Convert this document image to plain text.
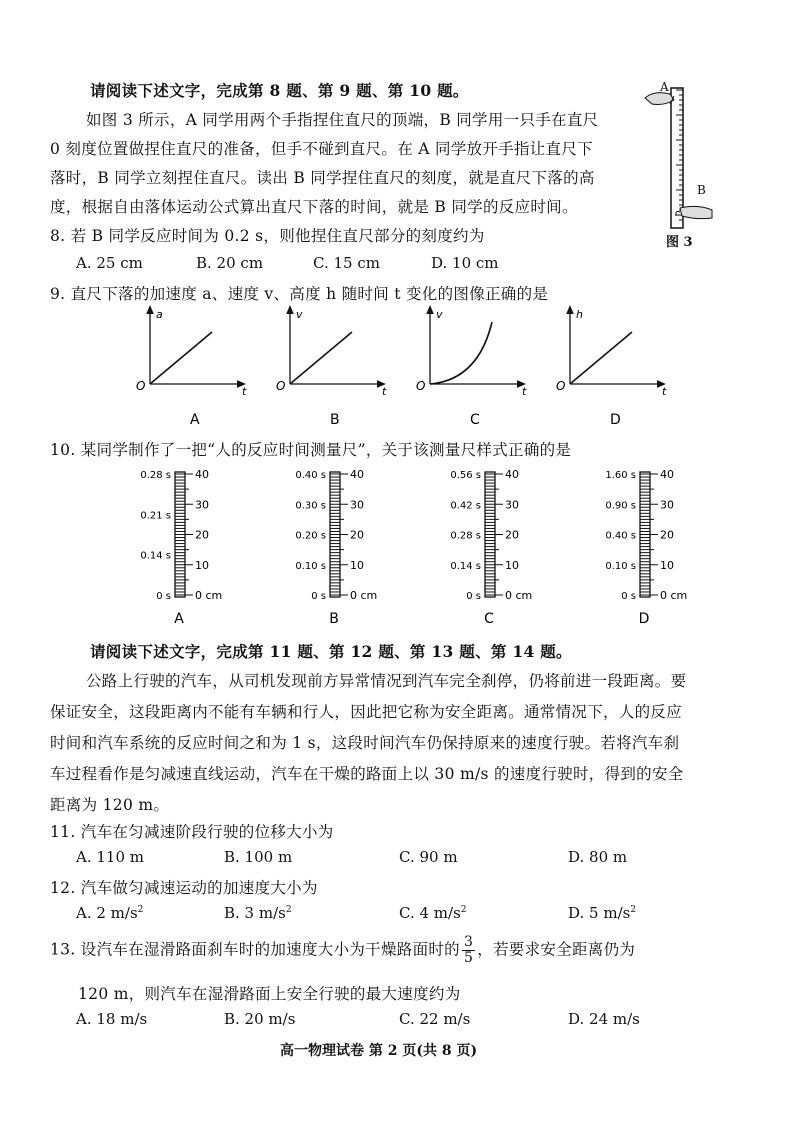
请阅读下述文字，完成第 8 题、第 9 题、第 10 题。
如图 3 所示，A 同学用两个手指捏住直尺的顶端，B 同学用一只手在直尺
0 刻度位置做捏住直尺的准备，但手不碰到直尺。在 A 同学放开手指让直尺下
落时，B 同学立刻捏住直尺。读出 B 同学捏住直尺的刻度，就是直尺下落的高
度，根据自由落体运动公式算出直尺下落的时间，就是 B 同学的反应时间。
A
B
图 3
8. 若 B 同学反应时间为 0.2 s，则他捏住直尺部分的刻度约为
A. 25 cm	B. 20 cm	C. 15 cm	D. 10 cm
9. 直尺下落的加速度 a、速度 v、高度 h 随时间 t 变化的图像正确的是
a
t
O
A
v
t
O
B
v
t
O
C
h
t
O
D
10. 某同学制作了一把“人的反应时间测量尺”，关于该测量尺样式正确的是
40
30
20
10
0 cm
0.28 s
0.21 s
0.14 s
0 s
A
40
30
20
10
0 cm
0.40 s
0.30 s
0.20 s
0.10 s
0 s
B
40
30
20
10
0 cm
0.56 s
0.42 s
0.28 s
0.14 s
0 s
C
40
30
20
10
0 cm
1.60 s
0.90 s
0.40 s
0.10 s
0 s
D
请阅读下述文字，完成第 11 题、第 12 题、第 13 题、第 14 题。
公路上行驶的汽车，从司机发现前方异常情况到汽车完全刹停，仍将前进一段距离。要
保证安全，这段距离内不能有车辆和行人，因此把它称为安全距离。通常情况下，人的反应
时间和汽车系统的反应时间之和为 1 s，这段时间汽车仍保持原来的速度行驶。若将汽车刹
车过程看作是匀减速直线运动，汽车在干燥的路面上以 30 m/s 的速度行驶时，得到的安全
距离为 120 m。
11. 汽车在匀减速阶段行驶的位移大小为
A. 110 m	B. 100 m	C. 90 m	D. 80 m
12. 汽车做匀减速运动的加速度大小为
A. 2 $m/s^2$	B. 3 $m/s^2$	C. 4 $m/s^2$	D. 5 $m/s^2$
13. 设汽车在湿滑路面刹车时的加速度大小为干燥路面时的 $\frac{3}{5}$ ，若要求安全距离仍为
120 m，则汽车在湿滑路面上安全行驶的最大速度约为
A. 18 m/s	B. 20 m/s	C. 22 m/s	D. 24 m/s
高一物理试卷 第 2 页(共 8 页)
